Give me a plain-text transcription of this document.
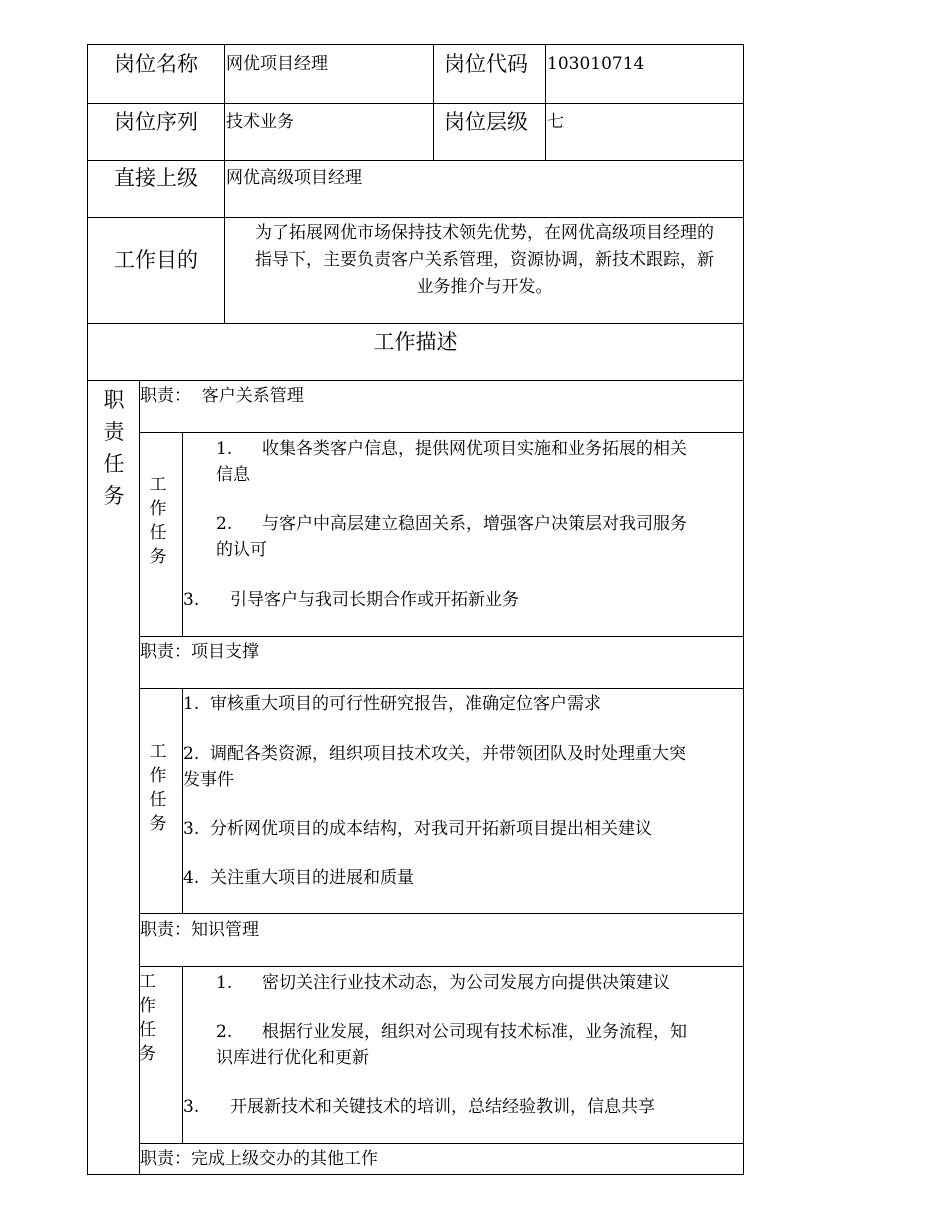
岗位名称 网优项目经理	岗位代码 103010714
岗位序列 技术业务	岗位层级 七
直接上级 网优高级项目经理
工作目的
为了拓展网优市场保持技术领先优势，在网优高级项目经理的
指导下，主要负责客户关系管理，资源协调，新技术跟踪，新
业务推介与开发。
工作描述
职责任务
职责：  客户关系管理
工作任务
1. 收集各类客户信息，提供网优项目实施和业务拓展的相关
信息
2. 与客户中高层建立稳固关系，增强客户决策层对我司服务
的认可
3. 引导客户与我司长期合作或开拓新业务
职责：项目支撑
工作任务
1.  审核重大项目的可行性研究报告，准确定位客户需求
2.  调配各类资源，组织项目技术攻关，并带领团队及时处理重大突
发事件
3.  分析网优项目的成本结构，对我司开拓新项目提出相关建议
4.  关注重大项目的进展和质量
职责：知识管理
工作任务
1. 密切关注行业技术动态，为公司发展方向提供决策建议
2. 根据行业发展，组织对公司现有技术标准，业务流程，知
识库进行优化和更新
3. 开展新技术和关键技术的培训，总结经验教训，信息共享
职责：完成上级交办的其他工作
